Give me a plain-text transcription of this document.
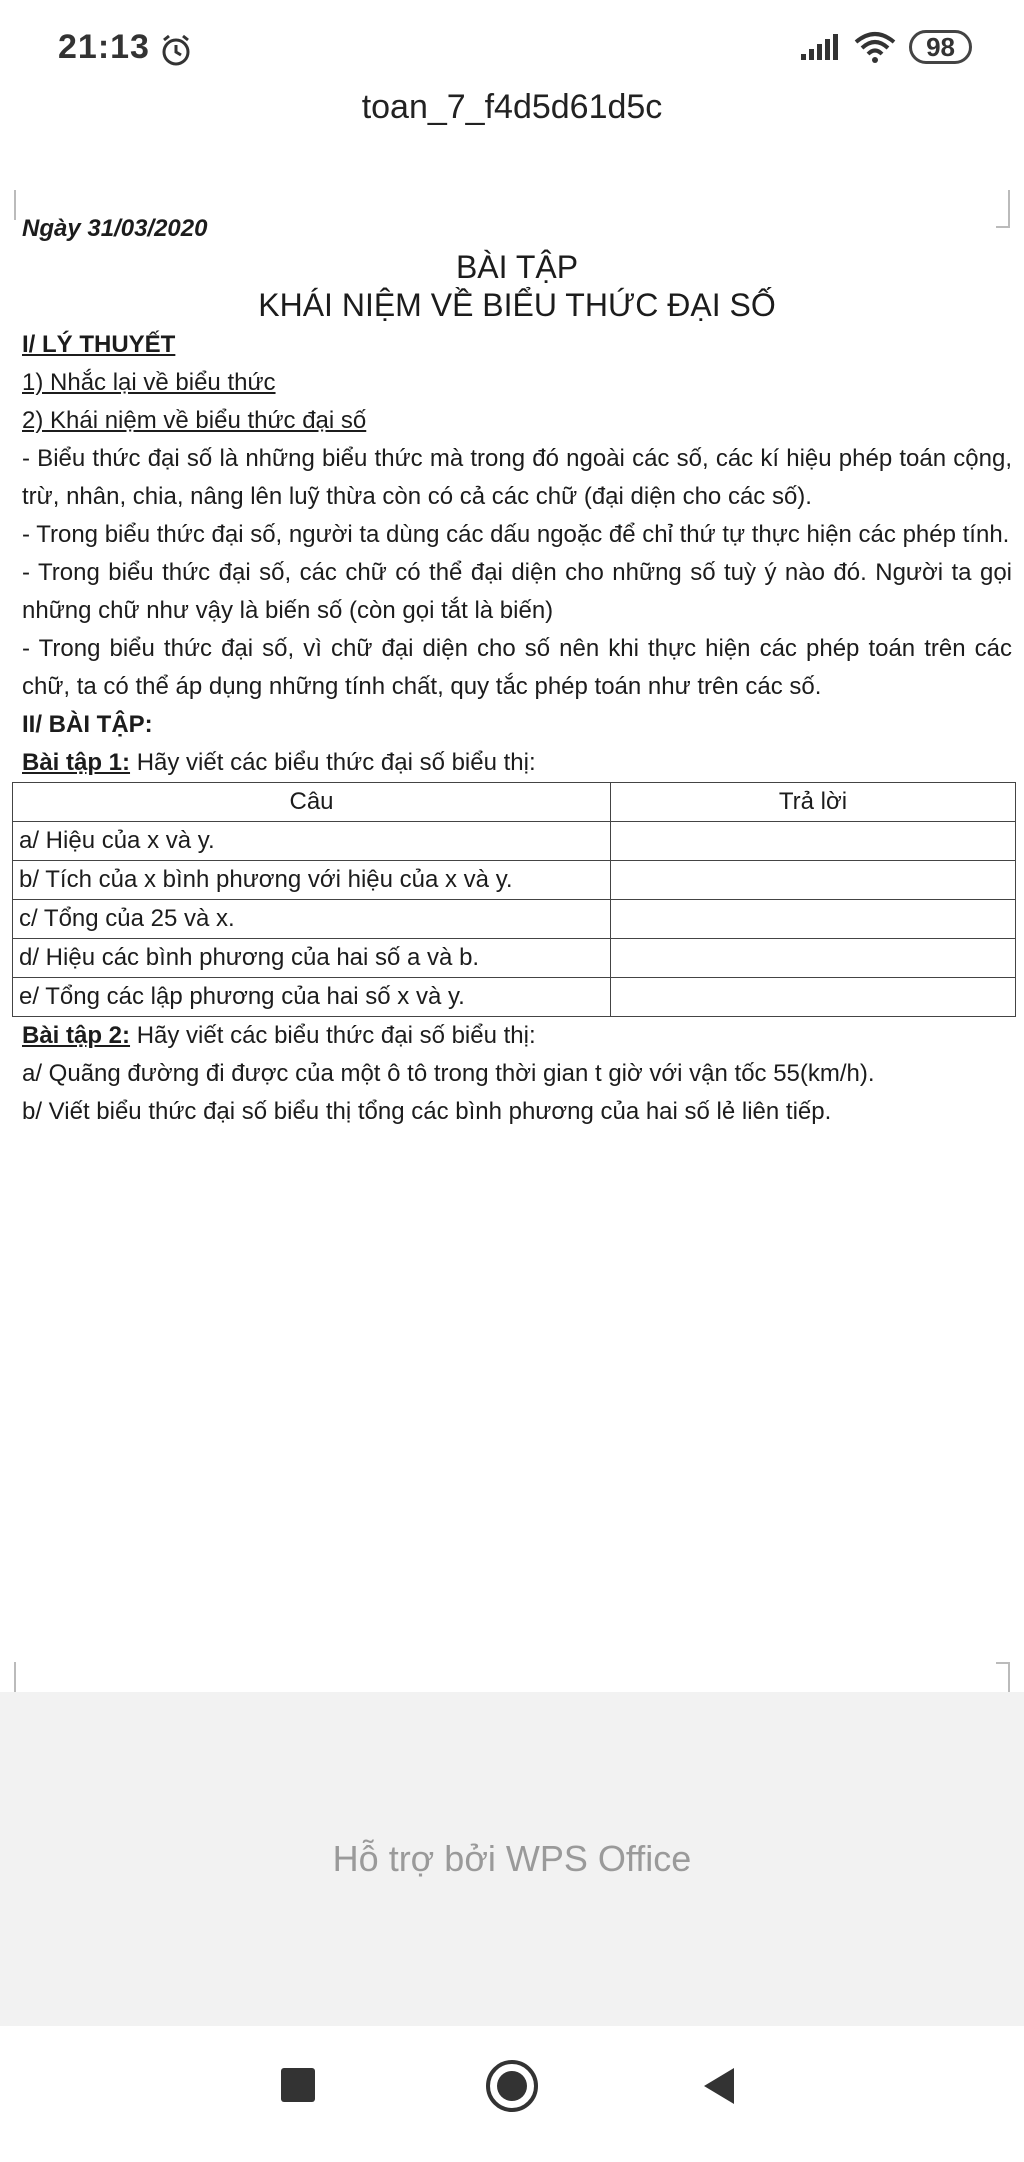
21:13	98
toan_7_f4d5d61d5c

Ngày 31/03/2020

BÀI TẬP
KHÁI NIỆM VỀ BIỂU THỨC ĐẠI SỐ

I/ LÝ THUYẾT

1) Nhắc lại về biểu thức

2) Khái niệm về biểu thức đại số

- Biểu thức đại số là những biểu thức mà trong đó ngoài các số, các kí hiệu phép toán cộng, trừ, nhân, chia, nâng lên luỹ thừa còn có cả các chữ (đại diện cho các số).

- Trong biểu thức đại số, người ta dùng các dấu ngoặc để chỉ thứ tự thực hiện các phép tính.

- Trong biểu thức đại số, các chữ có thể đại diện cho những số tuỳ ý nào đó. Người ta gọi những chữ như vậy là biến số (còn gọi tắt là biến)

- Trong biểu thức đại số, vì chữ đại diện cho số nên khi thực hiện các phép toán trên các chữ, ta có thể áp dụng những tính chất, quy tắc phép toán như trên các số.

II/ BÀI TẬP:

Bài tập 1: Hãy viết các biểu thức đại số biểu thị:

Câu	Trả lời
a/ Hiệu của x và y.	
b/ Tích của x bình phương với hiệu của x và y.	
c/ Tổng của 25 và x.	
d/ Hiệu các bình phương của hai số a và b.	
e/ Tổng các lập phương của hai số x và y.	

Bài tập 2: Hãy viết các biểu thức đại số biểu thị:

a/ Quãng đường đi được của một ô tô trong thời gian t giờ với vận tốc 55(km/h).

b/ Viết biểu thức đại số biểu thị tổng các bình phương của hai số lẻ liên tiếp.

Hỗ trợ bởi WPS Office
